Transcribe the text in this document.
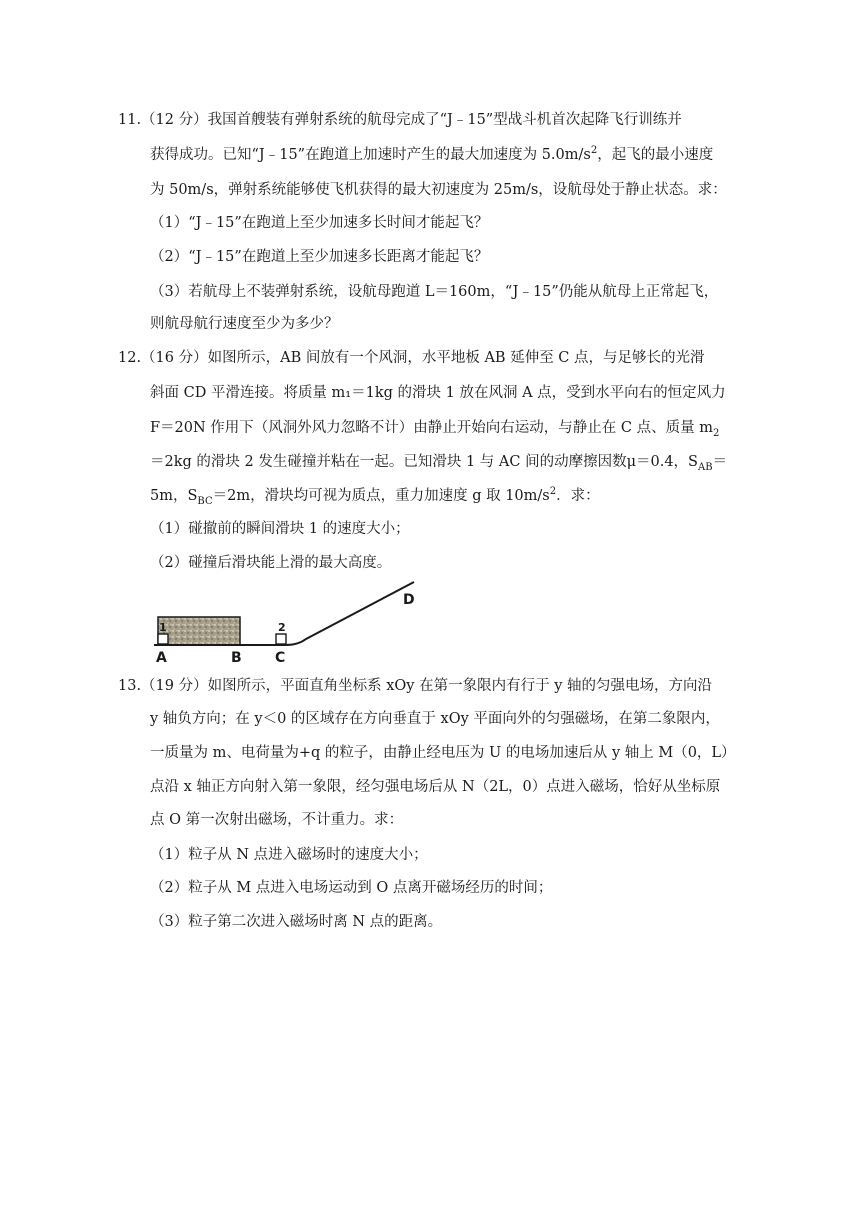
11.（12 分）我国首艘装有弹射系统的航母完成了“J﹣15”型战斗机首次起降飞行训练并
获得成功。已知“J﹣15”在跑道上加速时产生的最大加速度为 $5.0m/s^2$，起飞的最小速度
为 50m/s，弹射系统能够使飞机获得的最大初速度为 25m/s，设航母处于静止状态。求：
（1）“J﹣15”在跑道上至少加速多长时间才能起飞？
（2）“J﹣15”在跑道上至少加速多长距离才能起飞？
（3）若航母上不装弹射系统，设航母跑道 L＝160m，“J﹣15”仍能从航母上正常起飞，
则航母航行速度至少为多少？
12.（16 分）如图所示，AB 间放有一个风洞，水平地板 AB 延伸至 C 点，与足够长的光滑
斜面 CD 平滑连接。将质量 m₁＝1kg 的滑块 1 放在风洞 A 点，受到水平向右的恒定风力
F＝20N 作用下（风洞外风力忽略不计）由静止开始向右运动，与静止在 C 点、质量 $m_2$
＝2kg 的滑块 2 发生碰撞并粘在一起。已知滑块 1 与 AC 间的动摩擦因数μ＝0.4，$S_{AB}=$
5m，$S_{BC}=2m$，滑块均可视为质点，重力加速度 g 取 $10m/s^2$．求：
（1）碰撤前的瞬间滑块 1 的速度大小；
（2）碰撞后滑块能上滑的最大高度。
1	2
A	B C
D
13.（19 分）如图所示，平面直角坐标系 xOy 在第一象限内有行于 y 轴的匀强电场，方向沿
y 轴负方向；在 y＜0 的区域存在方向垂直于 xOy 平面向外的匀强磁场，在第二象限内，
一质量为 m、电荷量为+q 的粒子，由静止经电压为 U 的电场加速后从 y 轴上 M（0，L）
点沿 x 轴正方向射入第一象限，经匀强电场后从 N（2L，0）点进入磁场，恰好从坐标原
点 O 第一次射出磁场，不计重力。求：
（1）粒子从 N 点进入磁场时的速度大小；
（2）粒子从 M 点进入电场运动到 O 点离开磁场经历的时间；
（3）粒子第二次进入磁场时离 N 点的距离。
